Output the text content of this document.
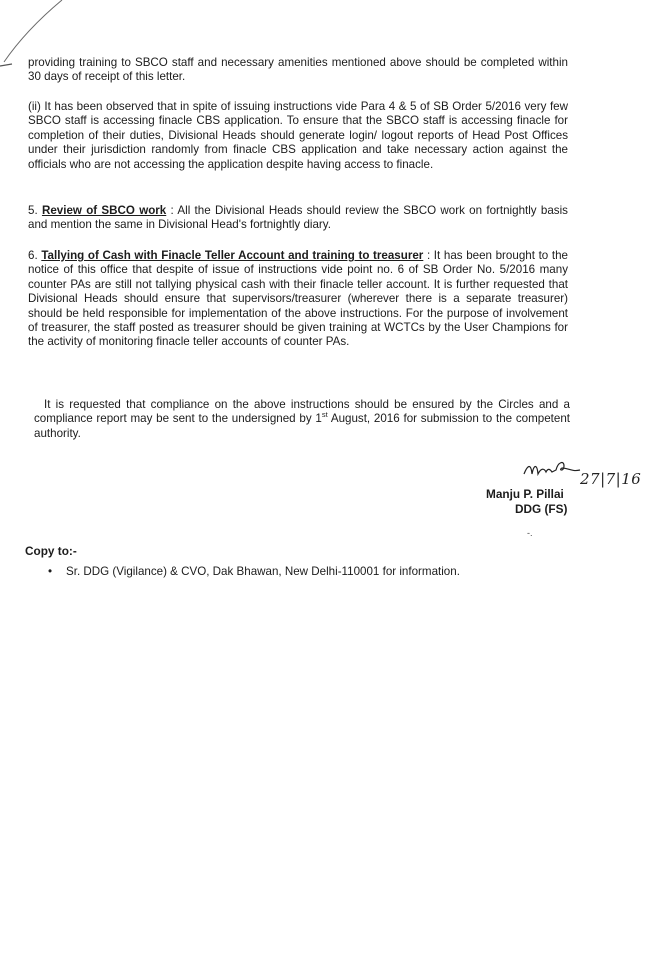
providing training to SBCO staff and necessary amenities mentioned above should be completed within 30 days of receipt of this letter.
(ii) It has been observed that in spite of issuing instructions vide Para 4 & 5 of SB Order 5/2016 very few SBCO staff is accessing finacle CBS application. To ensure that the SBCO staff is accessing finacle for completion of their duties, Divisional Heads should generate login/ logout reports of Head Post Offices under their jurisdiction randomly from finacle CBS application and take necessary action against the officials who are not accessing the application despite having access to finacle.
5. Review of SBCO work : All the Divisional Heads should review the SBCO work on fortnightly basis and mention the same in Divisional Head's fortnightly diary.
6. Tallying of Cash with Finacle Teller Account and training to treasurer : It has been brought to the notice of this office that despite of issue of instructions vide point no. 6 of SB Order No. 5/2016 many counter PAs are still not tallying physical cash with their finacle teller account. It is further requested that Divisional Heads should ensure that supervisors/treasurer (wherever there is a separate treasurer) should be held responsible for implementation of the above instructions. For the purpose of involvement of treasurer, the staff posted as treasurer should be given training at WCTCs by the User Champions for the activity of monitoring finacle teller accounts of counter PAs.
It is requested that compliance on the above instructions should be ensured by the Circles and a compliance report may be sent to the undersigned by 1st August, 2016 for submission to the competent authority.
27|7|16
Manju P. Pillai
DDG (FS)
-.
Copy to:-
• Sr. DDG (Vigilance) & CVO, Dak Bhawan, New Delhi-110001 for information.
